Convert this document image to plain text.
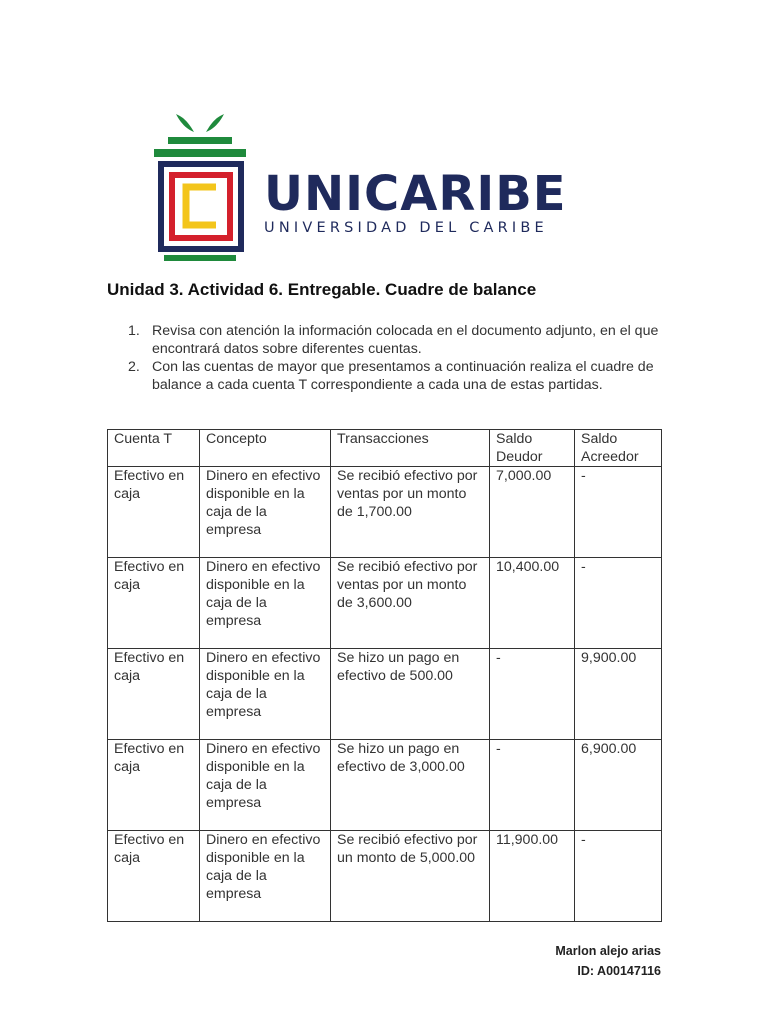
UNICARIBE
UNIVERSIDAD DEL CARIBE
Unidad 3. Actividad 6. Entregable. Cuadre de balance
1. Revisa con atención la información colocada en el documento adjunto, en el que encontrará datos sobre diferentes cuentas.
2. Con las cuentas de mayor que presentamos a continuación realiza el cuadre de balance a cada cuenta T correspondiente a cada una de estas partidas.
Cuenta T	Concepto	Transacciones	Saldo Deudor	Saldo Acreedor
Efectivo en caja	Dinero en efectivo disponible en la caja de la empresa	Se recibió efectivo por ventas por un monto de 1,700.00	7,000.00	-
Efectivo en caja	Dinero en efectivo disponible en la caja de la empresa	Se recibió efectivo por ventas por un monto de 3,600.00	10,400.00	-
Efectivo en caja	Dinero en efectivo disponible en la caja de la empresa	Se hizo un pago en efectivo de 500.00	-	9,900.00
Efectivo en caja	Dinero en efectivo disponible en la caja de la empresa	Se hizo un pago en efectivo de 3,000.00	-	6,900.00
Efectivo en caja	Dinero en efectivo disponible en la caja de la empresa	Se recibió efectivo por un monto de 5,000.00	11,900.00	-
Marlon alejo arias
ID: A00147116
